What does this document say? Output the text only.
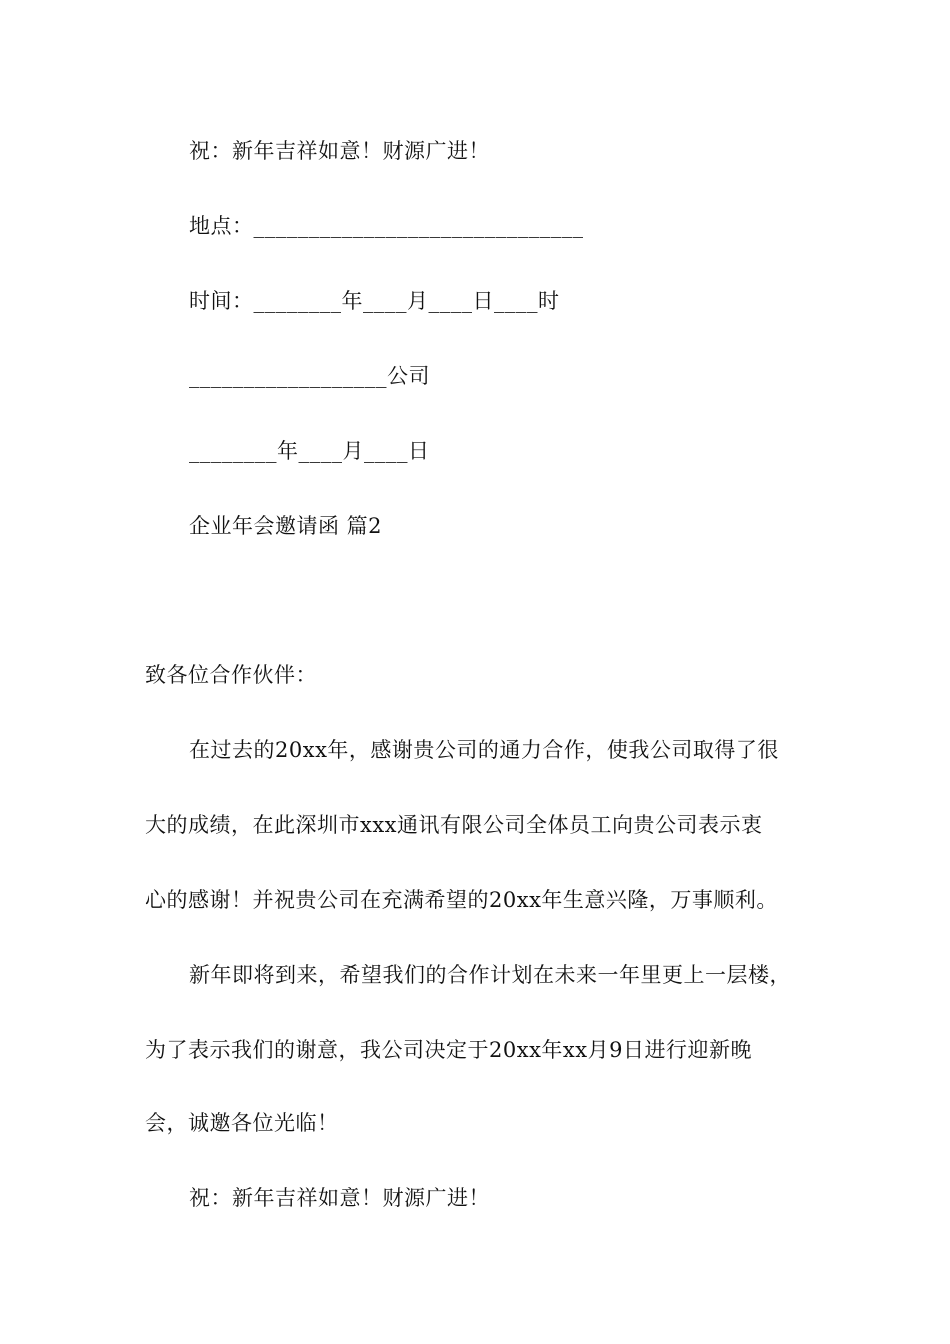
祝：新年吉祥如意！财源广进！
地点：______________________________
时间：________年____月____日____时
__________________公司
________年____月____日
企业年会邀请函 篇2
致各位合作伙伴：
在过去的20xx年，感谢贵公司的通力合作，使我公司取得了很
大的成绩，在此深圳市xxx通讯有限公司全体员工向贵公司表示衷
心的感谢！并祝贵公司在充满希望的20xx年生意兴隆，万事顺利。
新年即将到来，希望我们的合作计划在未来一年里更上一层楼，
为了表示我们的谢意，我公司决定于20xx年xx月9日进行迎新晚
会，诚邀各位光临！
祝：新年吉祥如意！财源广进！
